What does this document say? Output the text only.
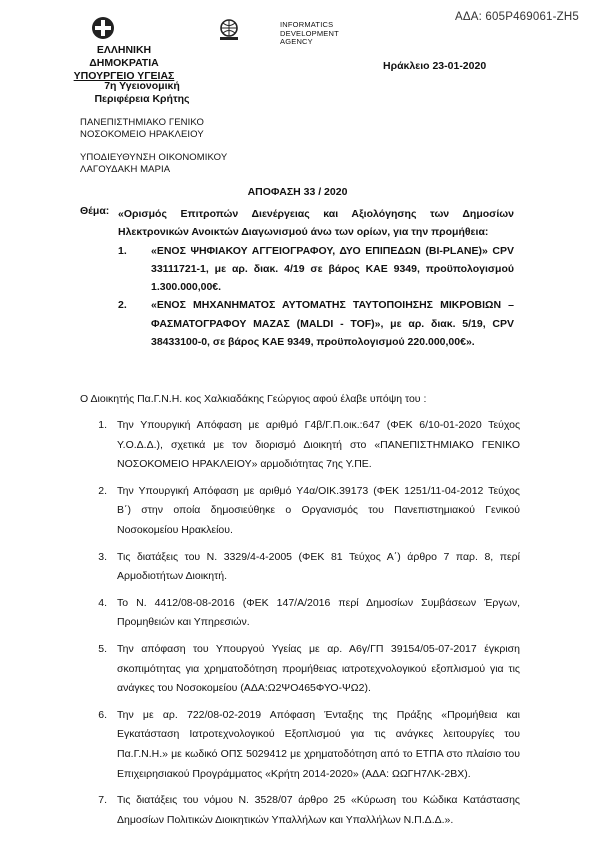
ΑΔΑ: 605Ρ469061-ΖΗ5
ΕΛΛΗΝΙΚΗ ΔΗΜΟΚΡΑΤΙΑ
ΥΠΟΥΡΓΕΙΟ ΥΓΕΙΑΣ
7η Υγειονομική
Περιφέρεια Κρήτης
ΠΑΝΕΠΙΣΤΗΜΙΑΚΟ ΓΕΝΙΚΟ
ΝΟΣΟΚΟΜΕΙΟ ΗΡΑΚΛΕΙΟΥ
ΥΠΟΔΙΕΥΘΥΝΣΗ ΟΙΚΟΝΟΜΙΚΟΥ
ΛΑΓΟΥΔΑΚΗ ΜΑΡΙΑ
INFORMATICS
DEVELOPMENT
AGENCY
Ηράκλειο 23-01-2020
ΑΠΟΦΑΣΗ 33 / 2020
Θέμα: «Ορισμός Επιτροπών Διενέργειας και Αξιολόγησης των Δημοσίων Ηλεκτρονικών Ανοικτών Διαγωνισμού άνω των ορίων, για την προμήθεια:

1.	«ΕΝΟΣ ΨΗΦΙΑΚΟΥ ΑΓΓΕΙΟΓΡΑΦΟΥ, ΔΥΟ ΕΠΙΠΕΔΩΝ (BI-PLANE)» CPV 33111721-1, με αρ. διακ. 4/19 σε βάρος ΚΑΕ 9349, προϋπολογισμού 1.300.000,00€.
2.	«ΕΝΟΣ ΜΗΧΑΝΗΜΑΤΟΣ ΑΥΤΟΜΑΤΗΣ ΤΑΥΤΟΠΟΙΗΣΗΣ ΜΙΚΡΟΒΙΩΝ – ΦΑΣΜΑΤΟΓΡΑΦΟΥ ΜΑΖΑΣ (MALDI - TOF)», με αρ. διακ. 5/19, CPV 38433100-0, σε βάρος ΚΑΕ 9349, προϋπολογισμού 220.000,00€».
Ο Διοικητής Πα.Γ.Ν.Η. κος Χαλκιαδάκης Γεώργιος αφού έλαβε υπόψη του :
1. Την Υπουργική Απόφαση με αριθμό Γ4β/Γ.Π.οικ.:647 (ΦΕΚ 6/10-01-2020 Τεύχος Υ.Ο.Δ.Δ.), σχετικά με τον διορισμό Διοικητή στο «ΠΑΝΕΠΙΣΤΗΜΙΑΚΟ ΓΕΝΙΚΟ ΝΟΣΟΚΟΜΕΙΟ ΗΡΑΚΛΕΙΟΥ» αρμοδιότητας 7ης Υ.ΠΕ.
2. Την Υπουργική Απόφαση με αριθμό Υ4α/ΟΙΚ.39173 (ΦΕΚ 1251/11-04-2012 Τεύχος Β΄) στην οποία δημοσιεύθηκε ο Οργανισμός του Πανεπιστημιακού Γενικού Νοσοκομείου Ηρακλείου.
3. Τις διατάξεις του Ν. 3329/4-4-2005 (ΦΕΚ 81 Τεύχος Α΄) άρθρο 7 παρ. 8, περί Αρμοδιοτήτων Διοικητή.
4. Το Ν. 4412/08-08-2016 (ΦΕΚ 147/Α/2016 περί Δημοσίων Συμβάσεων Έργων, Προμηθειών και Υπηρεσιών.
5. Την απόφαση του Υπουργού Υγείας με αρ. Α6γ/ΓΠ 39154/05-07-2017 έγκριση σκοπιμότητας για χρηματοδότηση προμήθειας ιατροτεχνολογικού εξοπλισμού για τις ανάγκες του Νοσοκομείου (ΑΔΑ:Ω2ΨΟ465ΦΥΟ-ΨΩ2).
6. Την με αρ. 722/08-02-2019 Απόφαση Ένταξης της Πράξης «Προμήθεια και Εγκατάσταση Ιατροτεχνολογικού Εξοπλισμού για τις ανάγκες λειτουργίες του Πα.Γ.Ν.Η.» με κωδικό ΟΠΣ 5029412 με χρηματοδότηση από το ΕΤΠΑ στο πλαίσιο του Επιχειρησιακού Προγράμματος «Κρήτη 2014-2020» (ΑΔΑ: ΩΩΓΗ7ΛΚ-2ΒΧ).
7. Τις διατάξεις του νόμου Ν. 3528/07 άρθρο 25 «Κύρωση του Κώδικα Κατάστασης Δημοσίων Πολιτικών Διοικητικών Υπαλλήλων και Υπαλλήλων Ν.Π.Δ.Δ.».
